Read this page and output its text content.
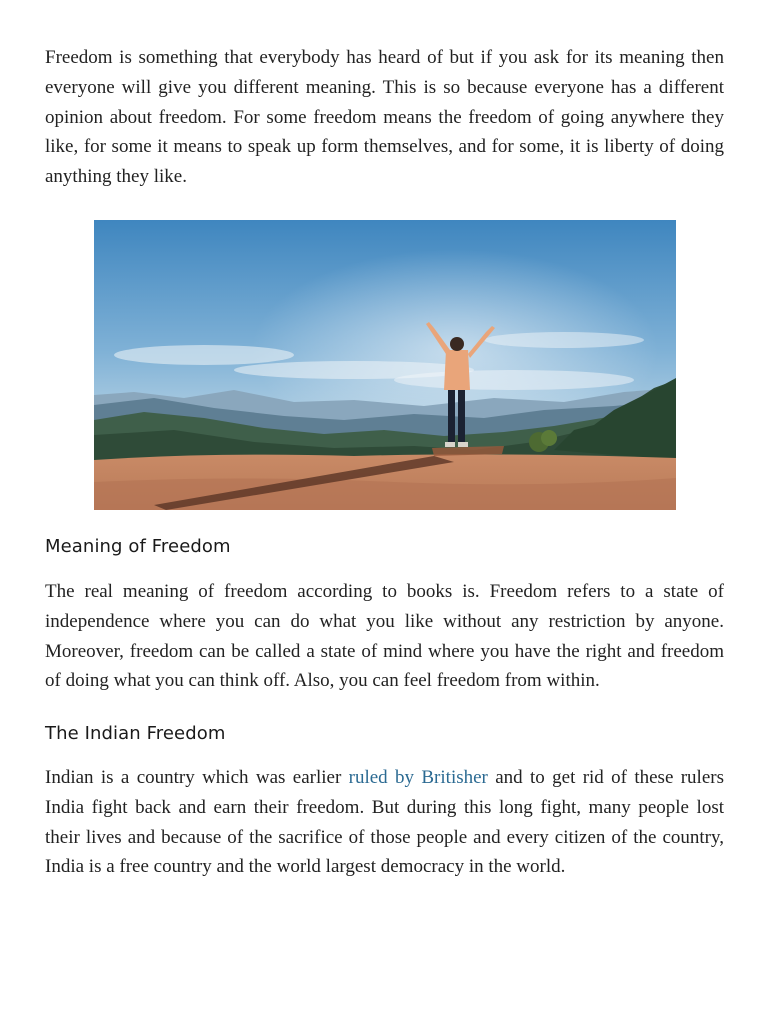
Freedom is something that everybody has heard of but if you ask for its meaning then everyone will give you different meaning. This is so because everyone has a different opinion about freedom. For some freedom means the freedom of going anywhere they like, for some it means to speak up form themselves, and for some, it is liberty of doing anything they like.

Meaning of Freedom

The real meaning of freedom according to books is. Freedom refers to a state of independence where you can do what you like without any restriction by anyone. Moreover, freedom can be called a state of mind where you have the right and freedom of doing what you can think off. Also, you can feel freedom from within.

The Indian Freedom

Indian is a country which was earlier ruled by Britisher and to get rid of these rulers India fight back and earn their freedom. But during this long fight, many people lost their lives and because of the sacrifice of those people and every citizen of the country, India is a free country and the world largest democracy in the world.
